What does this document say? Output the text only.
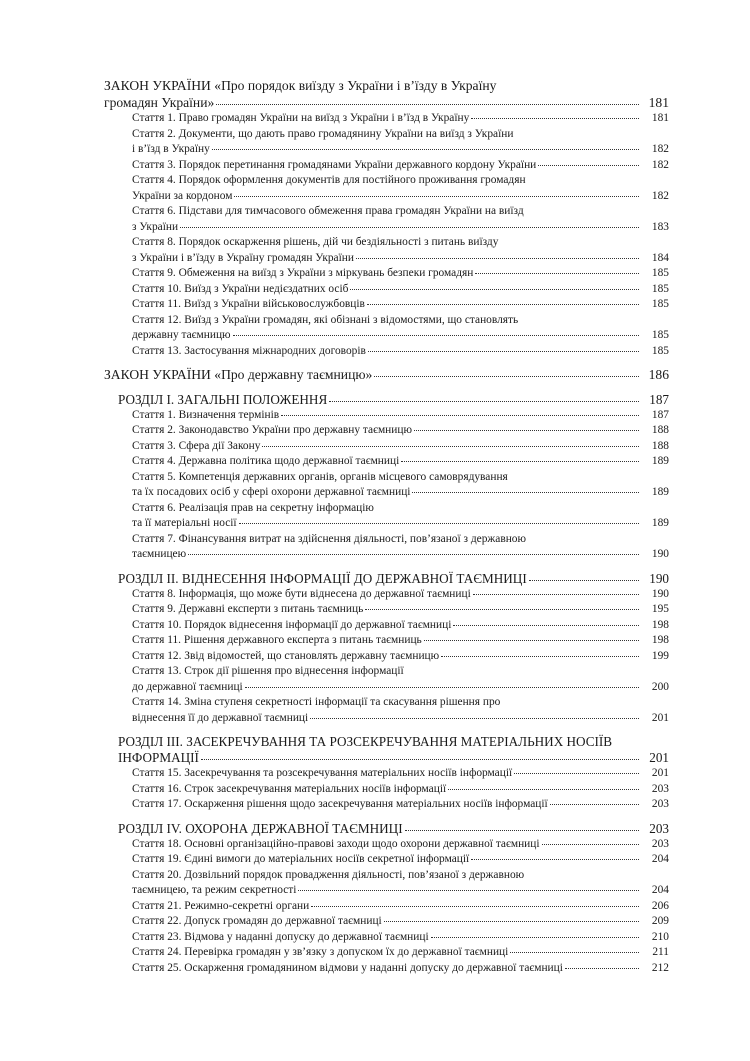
ЗАКОН УКРАЇНИ «Про порядок виїзду з України і в’їзду в Україну
громадян України»	181
Стаття 1. Право громадян України на виїзд з України і в’їзд в Україну	181
Стаття 2. Документи, що дають право громадянину України на виїзд з України
і в’їзд в Україну	182
Стаття 3. Порядок перетинання громадянами України державного кордону України	182
Стаття 4. Порядок оформлення документів для постійного проживання громадян
України за кордоном	182
Стаття 6. Підстави для тимчасового обмеження права громадян України на виїзд
з України	183
Стаття 8. Порядок оскарження рішень, дій чи бездіяльності з питань виїзду
з України і в’їзду в Україну громадян України	184
Стаття 9. Обмеження на виїзд з України з міркувань безпеки громадян	185
Стаття 10. Виїзд з України недієздатних осіб	185
Стаття 11. Виїзд з України військовослужбовців	185
Стаття 12. Виїзд з України громадян, які обізнані з відомостями, що становлять
державну таємницю	185
Стаття 13. Застосування міжнародних договорів	185
ЗАКОН УКРАЇНИ «Про державну таємницю»	186
РОЗДІЛ І. ЗАГАЛЬНІ ПОЛОЖЕННЯ	187
Стаття 1. Визначення термінів	187
Стаття 2. Законодавство України про державну таємницю	188
Стаття 3. Сфера дії Закону	188
Стаття 4. Державна політика щодо державної таємниці	189
Стаття 5. Компетенція державних органів, органів місцевого самоврядування
та їх посадових осіб у сфері охорони державної таємниці	189
Стаття 6. Реалізація прав на секретну інформацію
та її матеріальні носії	189
Стаття 7. Фінансування витрат на здійснення діяльності, пов’язаної з державною
таємницею	190
РОЗДІЛ ІІ. ВІДНЕСЕННЯ ІНФОРМАЦІЇ ДО ДЕРЖАВНОЇ ТАЄМНИЦІ	190
Стаття 8. Інформація, що може бути віднесена до державної таємниці	190
Стаття 9. Державні експерти з питань таємниць	195
Стаття 10. Порядок віднесення інформації до державної таємниці	198
Стаття 11. Рішення державного експерта з питань таємниць	198
Стаття 12. Звід відомостей, що становлять державну таємницю	199
Стаття 13. Строк дії рішення про віднесення інформації
до державної таємниці	200
Стаття 14. Зміна ступеня секретності інформації та скасування рішення про
віднесення її до державної таємниці	201
РОЗДІЛ ІІІ. ЗАСЕКРЕЧУВАННЯ ТА РОЗСЕКРЕЧУВАННЯ МАТЕРІАЛЬНИХ НОСІЇВ
ІНФОРМАЦІЇ	201
Стаття 15. Засекречування та розсекречування матеріальних носіїв інформації	201
Стаття 16. Строк засекречування матеріальних носіїв інформації	203
Стаття 17. Оскарження рішення щодо засекречування матеріальних носіїв інформації	203
РОЗДІЛ IV. ОХОРОНА ДЕРЖАВНОЇ ТАЄМНИЦІ	203
Стаття 18. Основні організаційно-правові заходи щодо охорони державної таємниці	203
Стаття 19. Єдині вимоги до матеріальних носіїв секретної інформації	204
Стаття 20. Дозвільний порядок провадження діяльності, пов’язаної з державною
таємницею, та режим секретності	204
Стаття 21. Режимно-секретні органи	206
Стаття 22. Допуск громадян до державної таємниці	209
Стаття 23. Відмова у наданні допуску до державної таємниці	210
Стаття 24. Перевірка громадян у зв’язку з допуском їх до державної таємниці	211
Стаття 25. Оскарження громадянином відмови у наданні допуску до державної таємниці	212
